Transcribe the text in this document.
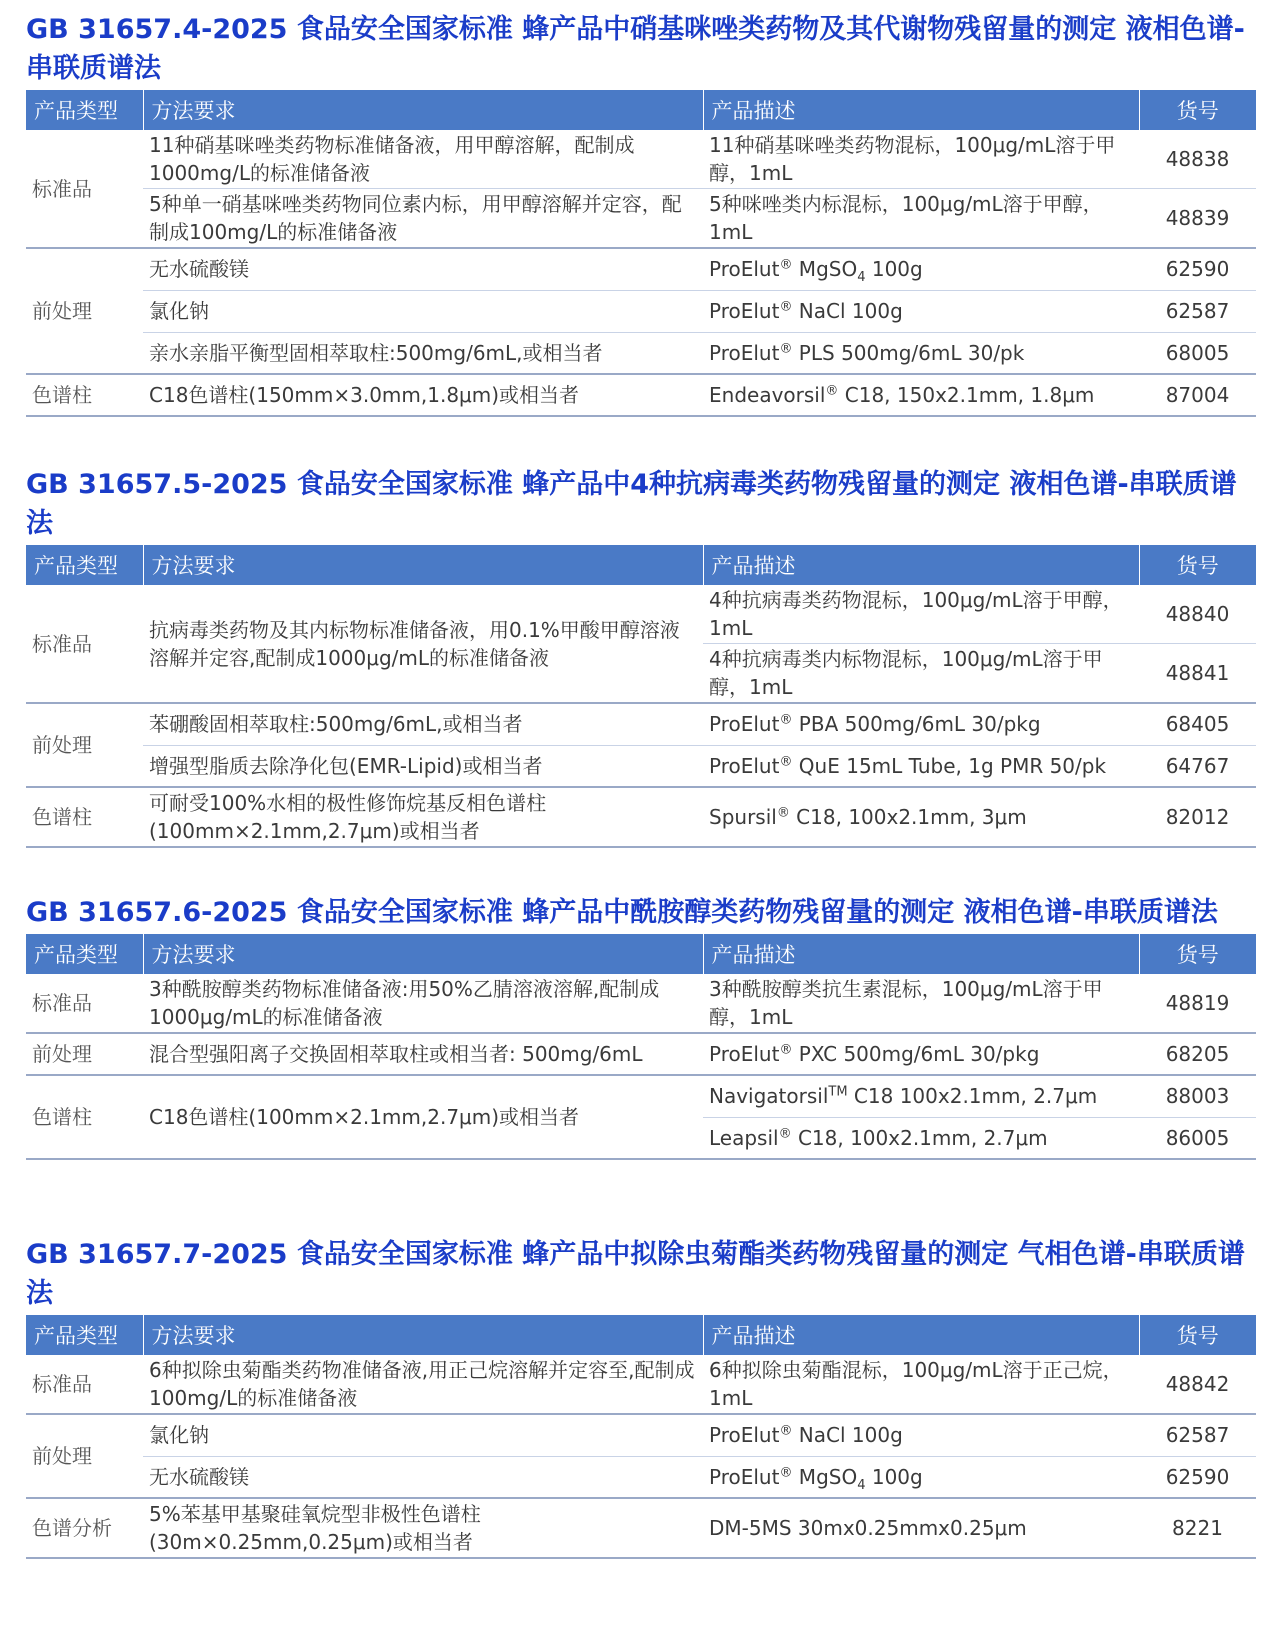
GB 31657.4-2025 食品安全国家标准 蜂产品中硝基咪唑类药物及其代谢物残留量的测定 液相色谱-串联质谱法
产品类型	方法要求	产品描述	货号
标准品	11种硝基咪唑类药物标准储备液，用甲醇溶解，配制成1000mg/L的标准储备液	11种硝基咪唑类药物混标，100μg/mL溶于甲醇，1mL	48838
	5种单一硝基咪唑类药物同位素内标，用甲醇溶解并定容，配制成100mg/L的标准储备液	5种咪唑类内标混标，100μg/mL溶于甲醇，1mL	48839
前处理	无水硫酸镁	ProElut® MgSO$_4$ 100g	62590
	氯化钠	ProElut® NaCl 100g	62587
	亲水亲脂平衡型固相萃取柱:500mg/6mL,或相当者	ProElut® PLS 500mg/6mL 30/pk	68005
色谱柱	C18色谱柱(150mm×3.0mm,1.8μm)或相当者	Endeavorsil® C18, 150x2.1mm, 1.8μm	87004
GB 31657.5-2025 食品安全国家标准 蜂产品中4种抗病毒类药物残留量的测定 液相色谱-串联质谱法
产品类型	方法要求	产品描述	货号
标准品	抗病毒类药物及其内标物标准储备液，用0.1%甲酸甲醇溶液溶解并定容,配制成1000μg/mL的标准储备液	4种抗病毒类药物混标，100μg/mL溶于甲醇，1mL	48840
		4种抗病毒类内标物混标，100μg/mL溶于甲醇，1mL	48841
前处理	苯硼酸固相萃取柱:500mg/6mL,或相当者	ProElut® PBA 500mg/6mL 30/pkg	68405
	增强型脂质去除净化包(EMR-Lipid)或相当者	ProElut® QuE 15mL Tube, 1g PMR 50/pk	64767
色谱柱	可耐受100%水相的极性修饰烷基反相色谱柱(100mm×2.1mm,2.7μm)或相当者	Spursil® C18, 100x2.1mm, 3μm	82012
GB 31657.6-2025 食品安全国家标准 蜂产品中酰胺醇类药物残留量的测定 液相色谱-串联质谱法
产品类型	方法要求	产品描述	货号
标准品	3种酰胺醇类药物标准储备液:用50%乙腈溶液溶解,配制成1000μg/mL的标准储备液	3种酰胺醇类抗生素混标，100μg/mL溶于甲醇，1mL	48819
前处理	混合型强阳离子交换固相萃取柱或相当者: 500mg/6mL	ProElut® PXC 500mg/6mL 30/pkg	68205
色谱柱	C18色谱柱(100mm×2.1mm,2.7μm)或相当者	Navigatorsil™ C18 100x2.1mm, 2.7μm	88003
		Leapsil® C18, 100x2.1mm, 2.7μm	86005
GB 31657.7-2025 食品安全国家标准 蜂产品中拟除虫菊酯类药物残留量的测定 气相色谱-串联质谱法
产品类型	方法要求	产品描述	货号
标准品	6种拟除虫菊酯类药物准储备液,用正己烷溶解并定容至,配制成100mg/L的标准储备液	6种拟除虫菊酯混标，100μg/mL溶于正己烷，1mL	48842
前处理	氯化钠	ProElut® NaCl 100g	62587
	无水硫酸镁	ProElut® MgSO$_4$ 100g	62590
色谱分析	5%苯基甲基聚硅氧烷型非极性色谱柱(30m×0.25mm,0.25μm)或相当者	DM-5MS 30mx0.25mmx0.25μm	8221
